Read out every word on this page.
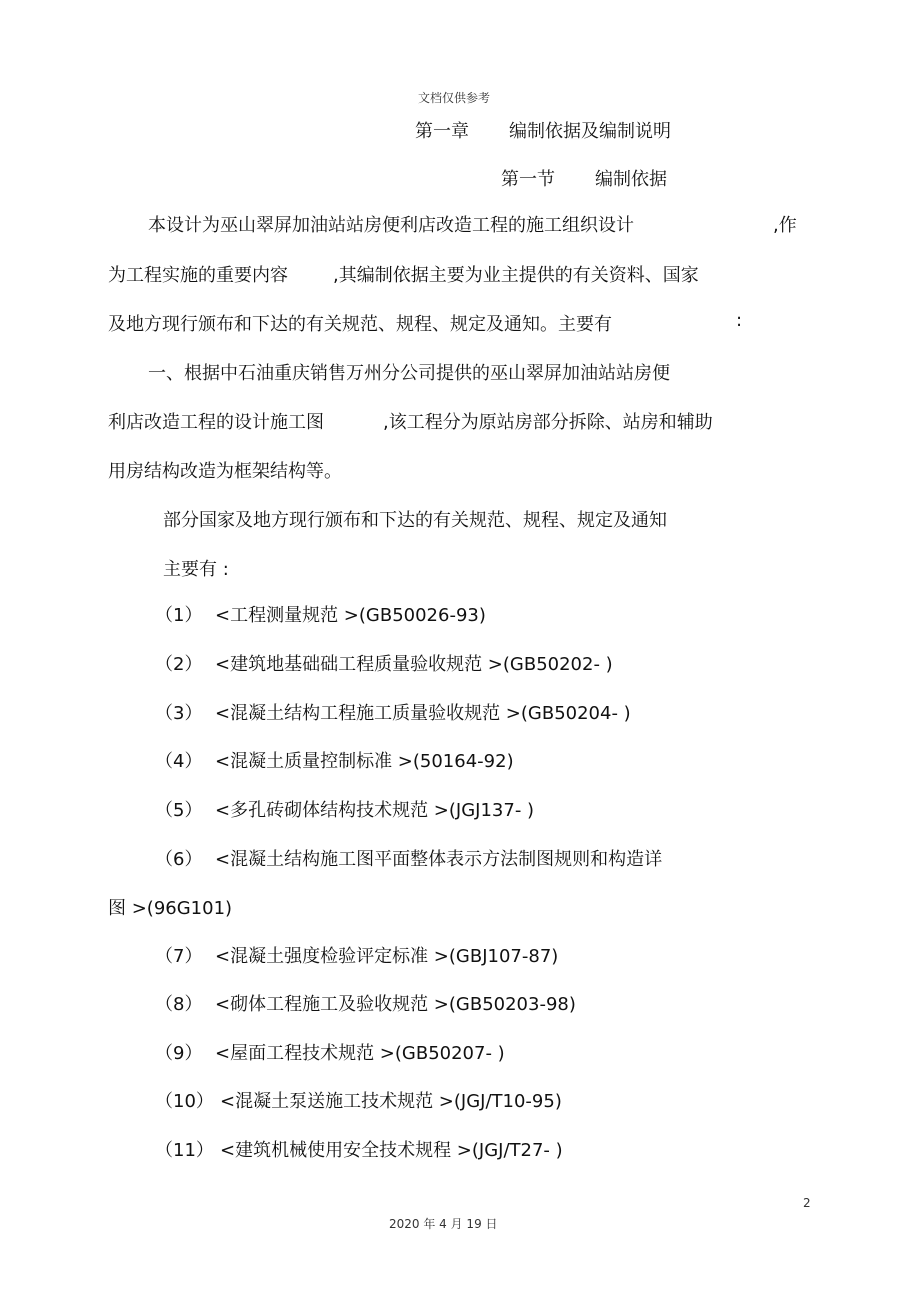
文档仅供参考
第一章 编制依据及编制说明
第一节 编制依据
本设计为巫山翠屏加油站站房便利店改造工程的施工组织设计	,作
为工程实施的重要内容	,其编制依据主要为业主提供的有关资料、国家
及地方现行颁布和下达的有关规范、规程、规定及通知。主要有	:
一、根据中石油重庆销售万州分公司提供的巫山翠屏加油站站房便
利店改造工程的设计施工图	,该工程分为原站房部分拆除、站房和辅助
用房结构改造为框架结构等。
部分国家及地方现行颁布和下达的有关规范、规程、规定及通知
主要有 :
（1） <工程测量规范 >(GB50026-93)
（2） <建筑地基础础工程质量验收规范 >(GB50202- )
（3） <混凝土结构工程施工质量验收规范 >(GB50204- )
（4） <混凝土质量控制标准 >(50164-92)
（5） <多孔砖砌体结构技术规范 >(JGJ137- )
（6） <混凝土结构施工图平面整体表示方法制图规则和构造详
图 >(96G101)
（7） <混凝土强度检验评定标准 >(GBJ107-87)
（8） <砌体工程施工及验收规范 >(GB50203-98)
（9） <屋面工程技术规范 >(GB50207- )
（10） <混凝土泵送施工技术规范 >(JGJ/T10-95)
（11） <建筑机械使用安全技术规程 >(JGJ/T27- )
2
2020 年 4 月 19 日
